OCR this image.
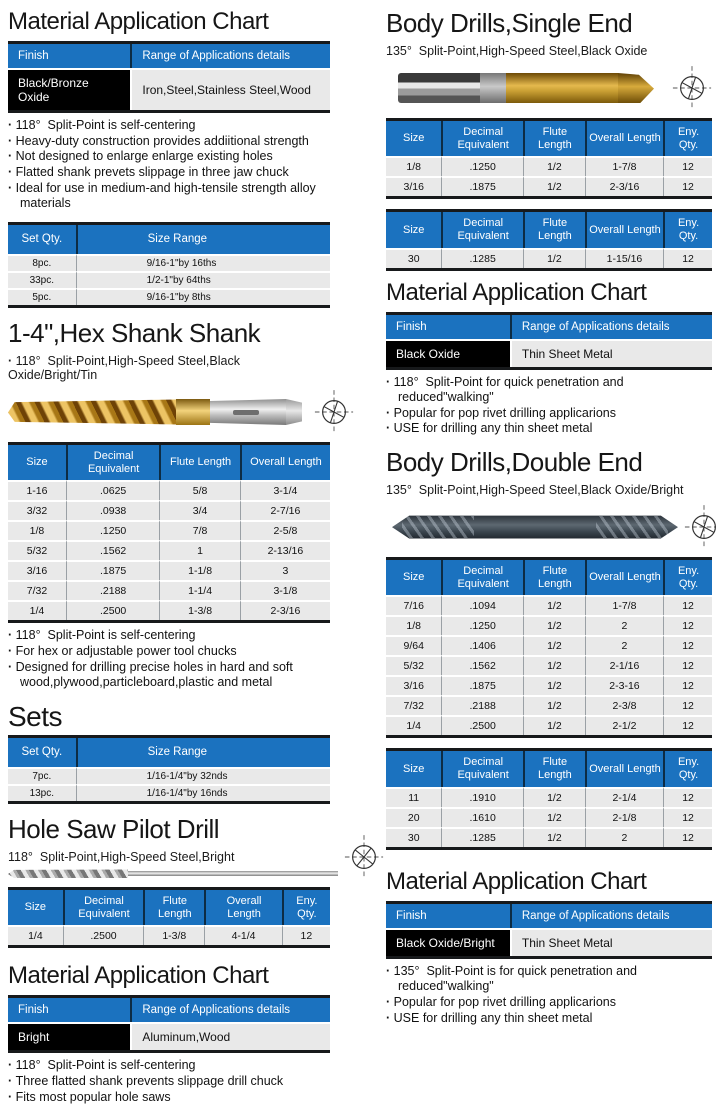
Material Application Chart
Finish	Range of Applications details
Black/Bronze Oxide	Iron,Steel,Stainless Steel,Wood
· 118°  Split-Point is self-centering
· Heavy-duty construction provides addiitional strength
· Not designed to enlarge enlarge existing holes
· Flatted shank prevets slippage in three jaw chuck
· Ideal for use in medium-and high-tensile strength alloy materials
Set Qty.	Size Range
8pc.	9/16-1"by 16ths
33pc.	1/2-1"by 64ths
5pc.	9/16-1"by 8ths
1-4",Hex Shank Shank

· 118°  Split-Point,High-Speed Steel,Black Oxide/Bright/Tin

Size	Decimal Equivalent	Flute Length	Overall Length
1-16	.0625	5/8	3-1/4
3/32	.0938	3/4	2-7/16
1/8	.1250	7/8	2-5/8
5/32	.1562	1	2-13/16
3/16	.1875	1-1/8	3
7/32	.2188	1-1/4	3-1/8
1/4	.2500	1-3/8	2-3/16
· 118°  Split-Point is self-centering
· For hex or adjustable power tool chucks
· Designed for drilling precise holes in hard and soft wood,plywood,particleboard,plastic and metal
Sets
Set Qty.	Size Range
7pc.	1/16-1/4"by 32nds
13pc.	1/16-1/4"by 16nds
Hole Saw Pilot Drill

118°  Split-Point,High-Speed Steel,Bright

Size	Decimal Equivalent	Flute Length	Overall Length	Eny. Qty.
1/4	.2500	1-3/8	4-1/4	12
Material Application Chart
Finish	Range of Applications details
Bright	Aluminum,Wood
· 118°  Split-Point is self-centering
· Three flatted shank prevents slippage drill chuck
· Fits most popular hole saws
Body Drills,Single End

135°  Split-Point,High-Speed Steel,Black Oxide

Size	Decimal Equivalent	Flute Length	Overall Length	Eny. Qty.
1/8	.1250	1/2	1-7/8	12
3/16	.1875	1/2	2-3/16	12
Size	Decimal Equivalent	Flute Length	Overall Length	Eny. Qty.
30	.1285	1/2	1-15/16	12
Material Application Chart
Finish	Range of Applications details
Black Oxide	Thin Sheet Metal
· 118°  Split-Point for quick penetration and reduced"walking"
· Popular for pop rivet drilling applicarions
· USE for drilling any thin sheet metal
Body Drills,Double End

135°  Split-Point,High-Speed Steel,Black Oxide/Bright

Size	Decimal Equivalent	Flute Length	Overall Length	Eny. Qty.
7/16	.1094	1/2	1-7/8	12
1/8	.1250	1/2	2	12
9/64	.1406	1/2	2	12
5/32	.1562	1/2	2-1/16	12
3/16	.1875	1/2	2-3-16	12
7/32	.2188	1/2	2-3/8	12
1/4	.2500	1/2	2-1/2	12
Size	Decimal Equivalent	Flute Length	Overall Length	Eny. Qty.
11	.1910	1/2	2-1/4	12
20	.1610	1/2	2-1/8	12
30	.1285	1/2	2	12
Material Application Chart
Finish	Range of Applications details
Black Oxide/Bright	Thin Sheet Metal
· 135°  Split-Point is for quick penetration and reduced"walking"
· Popular for pop rivet drilling applicarions
· USE for drilling any thin sheet metal
